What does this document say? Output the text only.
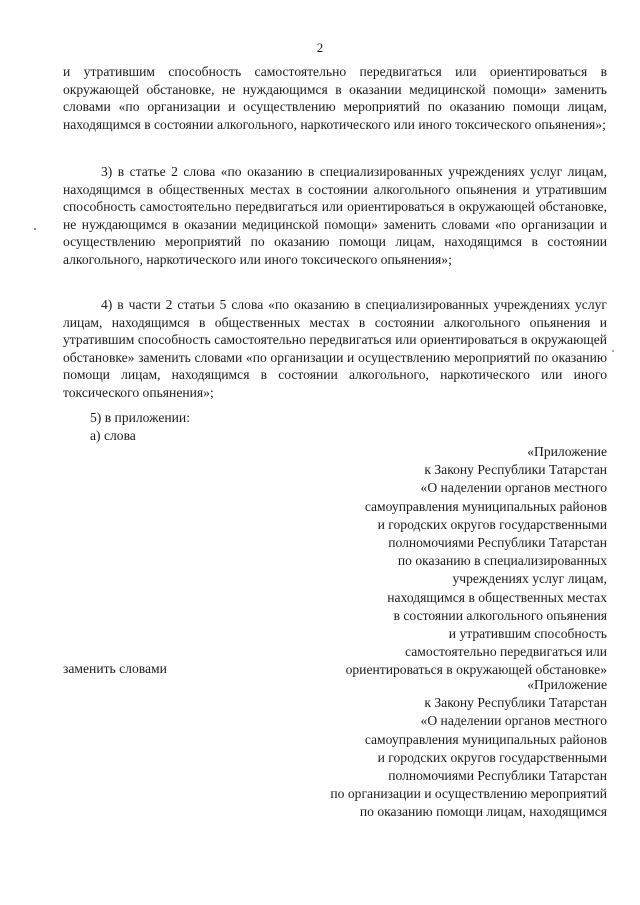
2
и утратившим способность самостоятельно передвигаться или ориентироваться в окружающей обстановке, не нуждающимся в оказании медицинской помощи» заменить словами «по организации и осуществлению мероприятий по оказанию помощи лицам, находящимся в состоянии алкогольного, наркотического или иного токсического опьянения»;
3) в статье 2 слова «по оказанию в специализированных учреждениях услуг лицам, находящимся в общественных местах в состоянии алкогольного опьянения и утратившим способность самостоятельно передвигаться или ориентироваться в окружающей обстановке, не нуждающимся в оказании медицинской помощи» заменить словами «по организации и осуществлению мероприятий по оказанию помощи лицам, находящимся в состоянии алкогольного, наркотического или иного токсического опьянения»;
4) в части 2 статьи 5 слова «по оказанию в специализированных учреждениях услуг лицам, находящимся в общественных местах в состоянии алкогольного опьянения и утратившим способность самостоятельно передвигаться или ориентироваться в окружающей обстановке» заменить словами «по организации и осуществлению мероприятий по оказанию помощи лицам, находящимся в состоянии алкогольного, наркотического или иного токсического опьянения»;
5) в приложении:
а) слова
«Приложение
к Закону Республики Татарстан
«О наделении органов местного
самоуправления муниципальных районов
и городских округов государственными
полномочиями Республики Татарстан
по оказанию в специализированных
учреждениях услуг лицам,
находящимся в общественных местах
в состоянии алкогольного опьянения
и утратившим способность
самостоятельно передвигаться или
ориентироваться в окружающей обстановке»
заменить словами
«Приложение
к Закону Республики Татарстан
«О наделении органов местного
самоуправления муниципальных районов
и городских округов государственными
полномочиями Республики Татарстан
по организации и осуществлению мероприятий
по оказанию помощи лицам, находящимся
